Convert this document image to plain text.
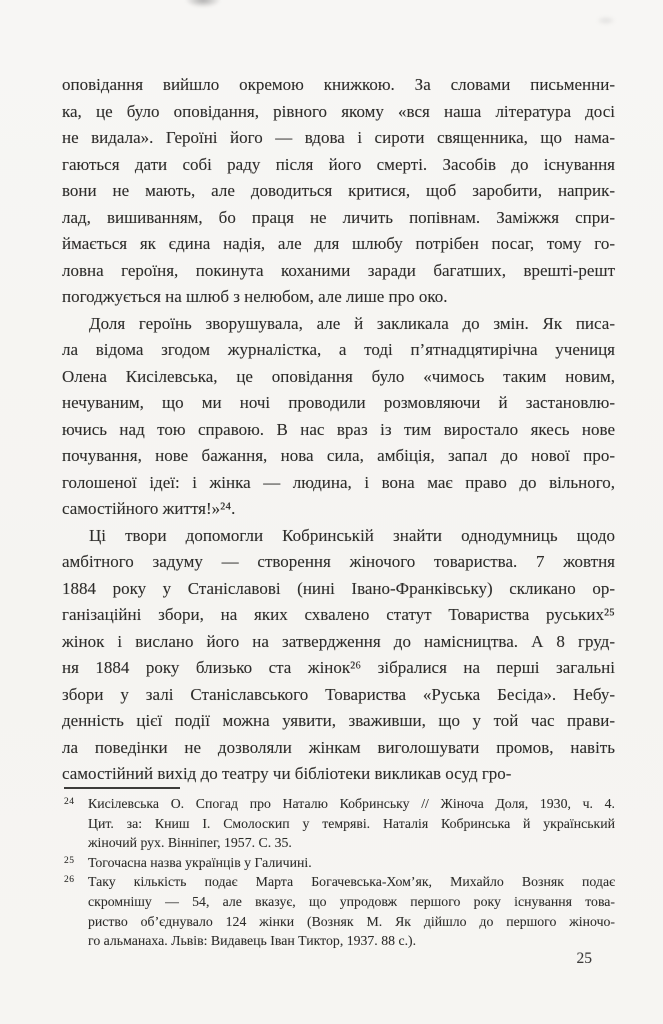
оповідання вийшло окремою книжкою. За словами письменни-
ка, це було оповідання, рівного якому «вся наша література досі
не видала». Героїні його — вдова і сироти священника, що нама-
гаються дати собі раду після його смерті. Засобів до існування
вони не мають, але доводиться критися, щоб заробити, наприк-
лад, вишиванням, бо праця не личить попівнам. Заміжжя спри-
ймається як єдина надія, але для шлюбу потрібен посаг, тому го-
ловна героїня, покинута коханими заради багатших, врешті-решт
погоджується на шлюб з нелюбом, але лише про око.
Доля героїнь зворушувала, але й закликала до змін. Як писа-
ла відома згодом журналістка, а тоді п’ятнадцятирічна учениця
Олена Кисілевська, це оповідання було «чимось таким новим,
нечуваним, що ми ночі проводили розмовляючи й застановлю-
ючись над тою справою. В нас враз із тим виростало якесь нове
почування, нове бажання, нова сила, амбіція, запал до нової про-
голошеної ідеї: і жінка — людина, і вона має право до вільного,
самостійного життя!»²⁴.
Ці твори допомогли Кобринській знайти однодумниць щодо
амбітного задуму — створення жіночого товариства. 7 жовтня
1884 року у Станіславові (нині Івано-Франківську) скликано ор-
ганізаційні збори, на яких схвалено статут Товариства руських²⁵
жінок і вислано його на затвердження до намісництва. А 8 груд-
ня 1884 року близько ста жінок²⁶ зібралися на перші загальні
збори у залі Станіславського Товариства «Руська Бесіда». Небу-
денність цієї події можна уявити, зваживши, що у той час прави-
ла поведінки не дозволяли жінкам виголошувати промов, навіть
самостійний вихід до театру чи бібліотеки викликав осуд гро-
24 Кисілевська О. Спогад про Наталю Кобринську // Жіноча Доля, 1930, ч. 4.
Цит. за: Книш І. Смолоскип у темряві. Наталія Кобринська й український
жіночий рух. Вінніпег, 1957. С. 35.
25 Тогочасна назва українців у Галичині.
26 Таку кількість подає Марта Богачевська-Хом’як, Михайло Возняк подає
скромнішу — 54, але вказує, що упродовж першого року існування това-
риство об’єднувало 124 жінки (Возняк М. Як дійшло до першого жіночо-
го альманаха. Львів: Видавець Іван Тиктор, 1937. 88 с.).
25
